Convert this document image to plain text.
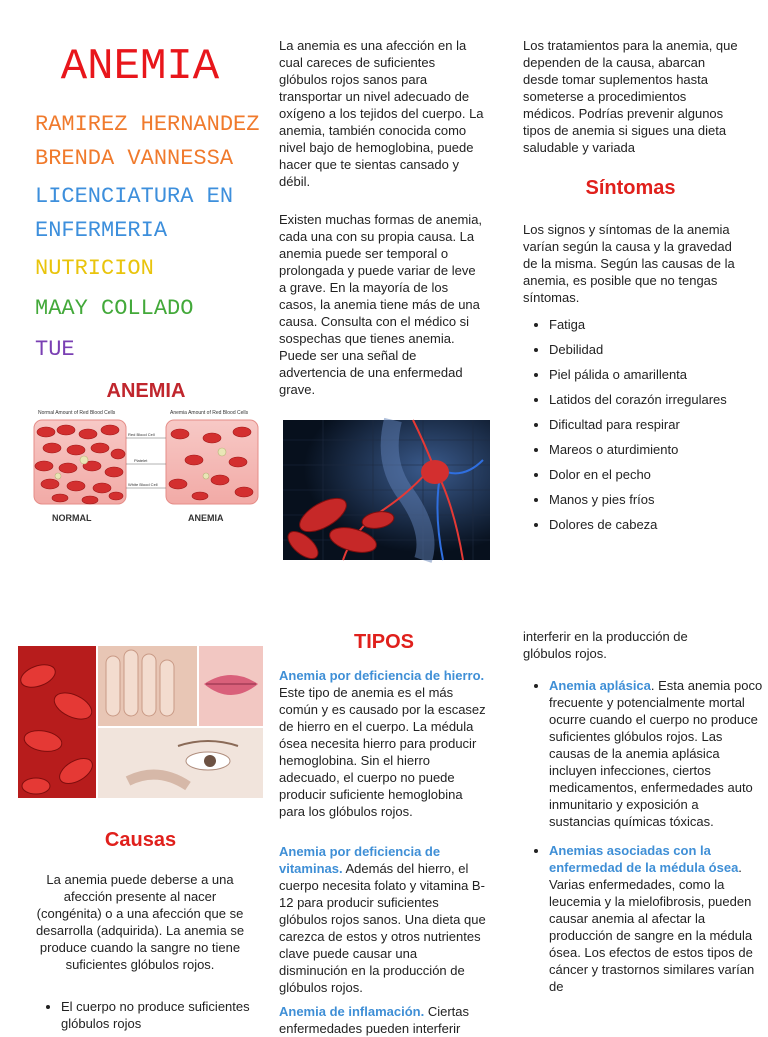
ANEMIA
RAMIREZ HERNANDEZ
BRENDA VANNESSA
LICENCIATURA EN
ENFERMERIA
NUTRICION
MAAY COLLADO
TUE
ANEMIA
Normal Amount of Red Blood Cells	Anemia Amount of Red Blood Cells
Red Blood Cell
Platelet
White Blood Cell
NORMAL	ANEMIA
La anemia es una afección en la cual careces de suficientes glóbulos rojos sanos para transportar un nivel adecuado de oxígeno a los tejidos del cuerpo. La anemia, también conocida como nivel bajo de hemoglobina, puede hacer que te sientas cansado y débil.
Existen muchas formas de anemia, cada una con su propia causa. La anemia puede ser temporal o prolongada y puede variar de leve a grave. En la mayoría de los casos, la anemia tiene más de una causa. Consulta con el médico si sospechas que tienes anemia. Puede ser una señal de advertencia de una enfermedad grave.
Los tratamientos para la anemia, que dependen de la causa, abarcan desde tomar suplementos hasta someterse a procedimientos médicos. Podrías prevenir algunos tipos de anemia si sigues una dieta saludable y variada
Síntomas
Los signos y síntomas de la anemia varían según la causa y la gravedad de la misma. Según las causas de la anemia, es posible que no tengas síntomas.
• Fatiga
• Debilidad
• Piel pálida o amarillenta
• Latidos del corazón irregulares
• Dificultad para respirar
• Mareos o aturdimiento
• Dolor en el pecho
• Manos y pies fríos
• Dolores de cabeza
Causas
La anemia puede deberse a una afección presente al nacer (congénita) o a una afección que se desarrolla (adquirida). La anemia se produce cuando la sangre no tiene suficientes glóbulos rojos.
• El cuerpo no produce suficientes glóbulos rojos
TIPOS
Anemia por deficiencia de hierro. Este tipo de anemia es el más común y es causado por la escasez de hierro en el cuerpo. La médula ósea necesita hierro para producir hemoglobina. Sin el hierro adecuado, el cuerpo no puede producir suficiente hemoglobina para los glóbulos rojos.
Anemia por deficiencia de vitaminas. Además del hierro, el cuerpo necesita folato y vitamina B-12 para producir suficientes glóbulos rojos sanos. Una dieta que carezca de estos y otros nutrientes clave puede causar una disminución en la producción de glóbulos rojos.
Anemia de inflamación. Ciertas enfermedades pueden interferir
interferir en la producción de glóbulos rojos.
• Anemia aplásica. Esta anemia poco frecuente y potencialmente mortal ocurre cuando el cuerpo no produce suficientes glóbulos rojos. Las causas de la anemia aplásica incluyen infecciones, ciertos medicamentos, enfermedades auto inmunitario y exposición a sustancias químicas tóxicas.
• Anemias asociadas con la enfermedad de la médula ósea. Varias enfermedades, como la leucemia y la mielofibrosis, pueden causar anemia al afectar la producción de sangre en la médula ósea. Los efectos de estos tipos de cáncer y trastornos similares varían de
